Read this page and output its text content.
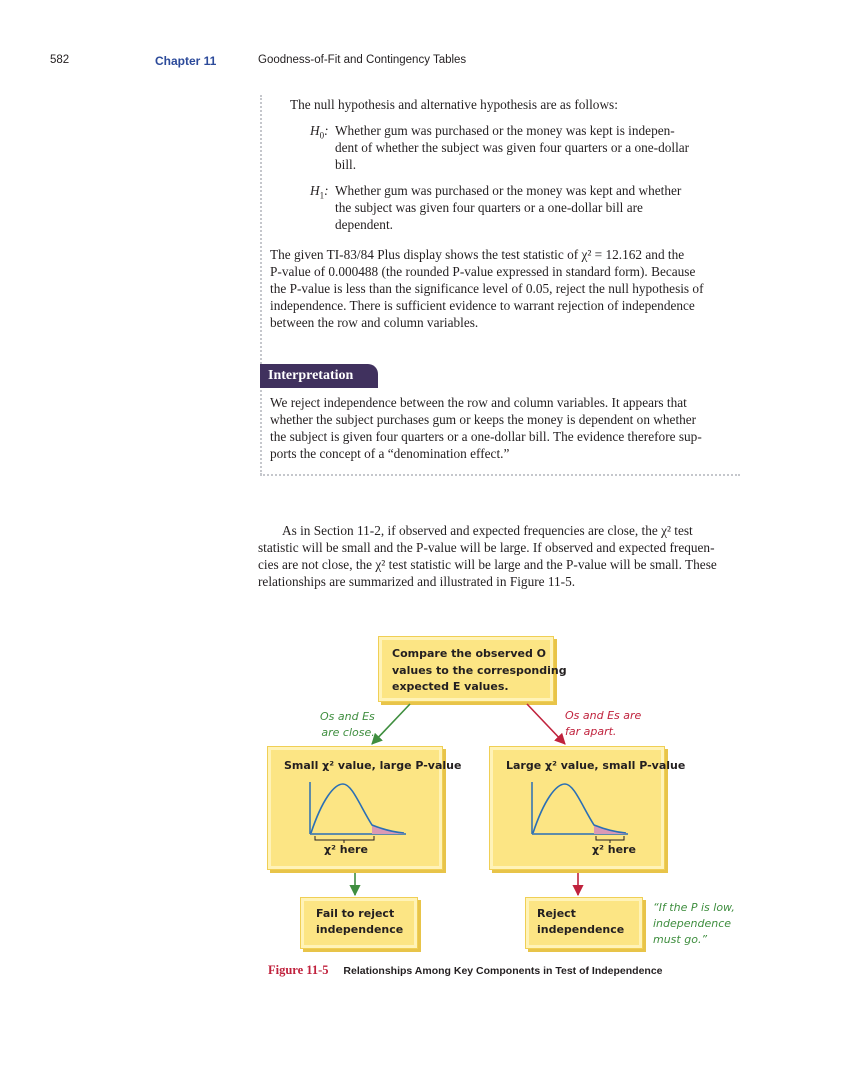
582	Chapter 11	Goodness-of-Fit and Contingency Tables
The null hypothesis and alternative hypothesis are as follows:
$H_0$: Whether gum was purchased or the money was kept is indepen-
dent of whether the subject was given four quarters or a one-dollar
bill.
$H_1$: Whether gum was purchased or the money was kept and whether
the subject was given four quarters or a one-dollar bill are
dependent.
The given TI-83/84 Plus display shows the test statistic of χ² = 12.162 and the
P-value of 0.000488 (the rounded P-value expressed in standard form). Because
the P-value is less than the significance level of 0.05, reject the null hypothesis of
independence. There is sufficient evidence to warrant rejection of independence
between the row and column variables.
Interpretation
We reject independence between the row and column variables. It appears that
whether the subject purchases gum or keeps the money is dependent on whether
the subject is given four quarters or a one-dollar bill. The evidence therefore sup-
ports the concept of a “denomination effect.”
As in Section 11-2, if observed and expected frequencies are close, the χ² test
statistic will be small and the P-value will be large. If observed and expected frequen-
cies are not close, the χ² test statistic will be large and the P-value will be small. These
relationships are summarized and illustrated in Figure 11-5.
Compare the observed O
values to the corresponding
expected E values.
Os and Es
are close.
Os and Es are
far apart.
Small χ² value, large P-value	Large χ² value, small P-value
χ² here	χ² here
Fail to reject
independence
Reject
independence
“If the P is low,
independence
must go.”
Figure 11-5 Relationships Among Key Components in Test of Independence
